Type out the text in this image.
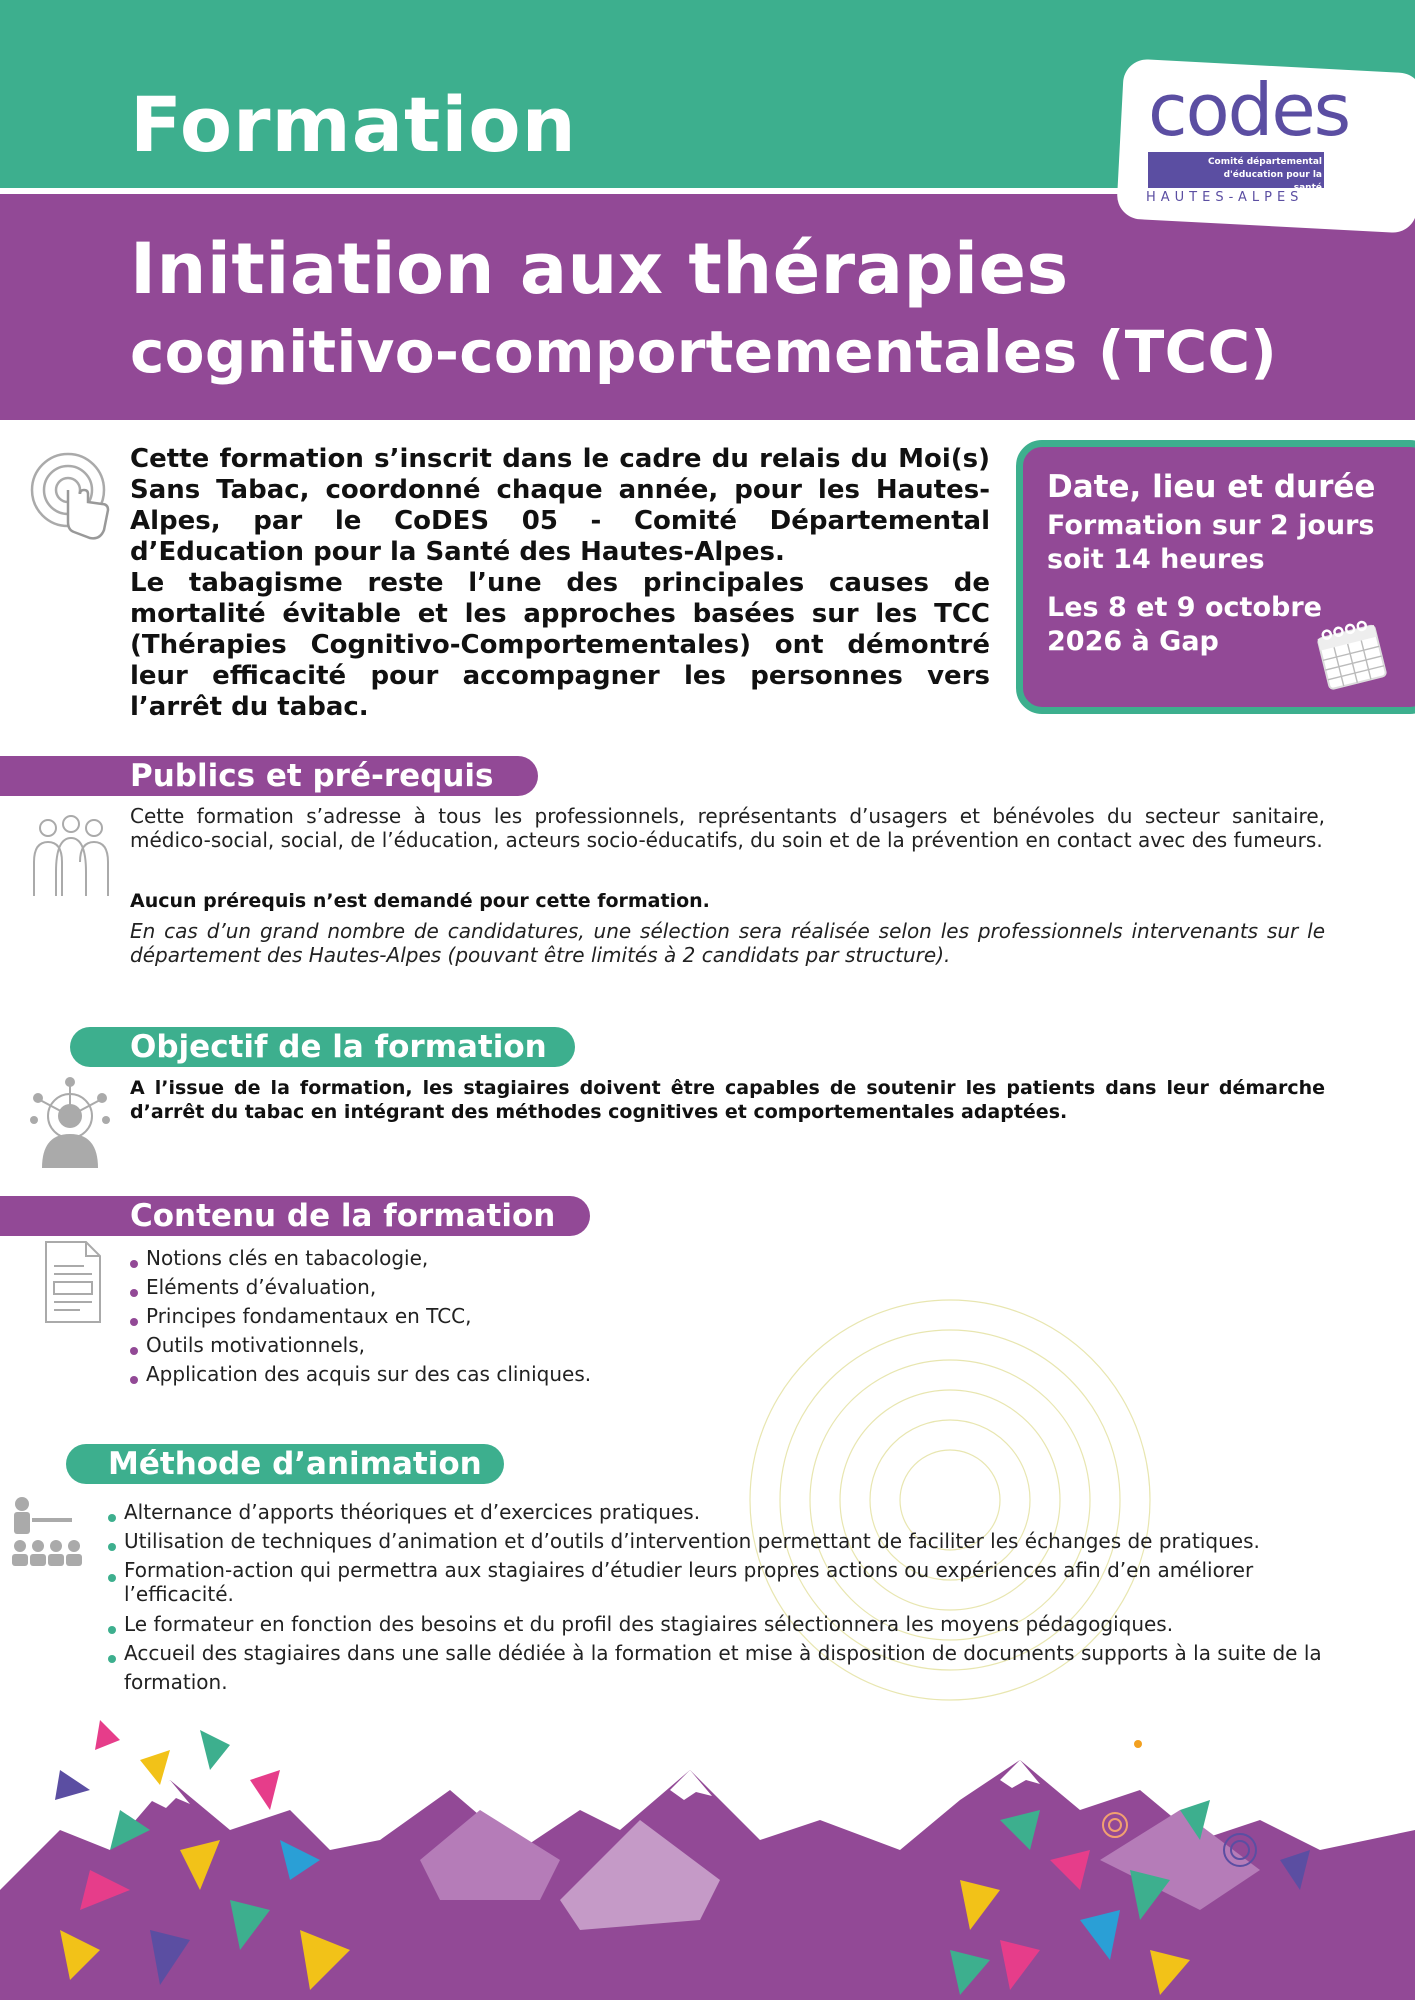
Formation
Initiation aux thérapies
cognitivo-comportementales (TCC)
codes
Comité départemental
d'éducation pour la santé
HAUTES-ALPES

Cette formation s’inscrit dans le cadre du relais du Moi(s) Sans Tabac, coordonné chaque année, pour les Hautes-Alpes, par le CoDES 05 - Comité Départemental d’Education pour la Santé des Hautes-Alpes.

Le tabagisme reste l’une des principales causes de mortalité évitable et les approches basées sur les TCC (Thérapies Cognitivo-Comportementales) ont démontré leur efficacité pour accompagner les personnes vers l’arrêt du tabac.

Date, lieu et durée
Formation sur 2 jours soit 14 heures
Les 8 et 9 octobre 2026 à Gap
Publics et pré-requis
Cette formation s’adresse à tous les professionnels, représentants d’usagers et bénévoles du secteur sanitaire, médico-social, social, de l’éducation, acteurs socio-éducatifs, du soin et de la prévention en contact avec des fumeurs.
Aucun prérequis n’est demandé pour cette formation.
En cas d’un grand nombre de candidatures, une sélection sera réalisée selon les professionnels intervenants sur le département des Hautes-Alpes (pouvant être limités à 2 candidats par structure).
Objectif de la formation
A l’issue de la formation, les stagiaires doivent être capables de soutenir les patients dans leur démarche d’arrêt du tabac en intégrant des méthodes cognitives et comportementales adaptées.
Contenu de la formation
Notions clés en tabacologie,
Eléments d’évaluation,
Principes fondamentaux en TCC,
Outils motivationnels,
Application des acquis sur des cas cliniques.
Méthode d’animation
Alternance d’apports théoriques et d’exercices pratiques.
Utilisation de techniques d’animation et d’outils d’intervention permettant de faciliter les échanges de pratiques.
Formation-action qui permettra aux stagiaires d’étudier leurs propres actions ou expériences afin d’en améliorer l’efficacité.
Le formateur en fonction des besoins et du profil des stagiaires sélectionnera les moyens pédagogiques.
Accueil des stagiaires dans une salle dédiée à la formation et mise à disposition de documents supports à la suite de la formation.
